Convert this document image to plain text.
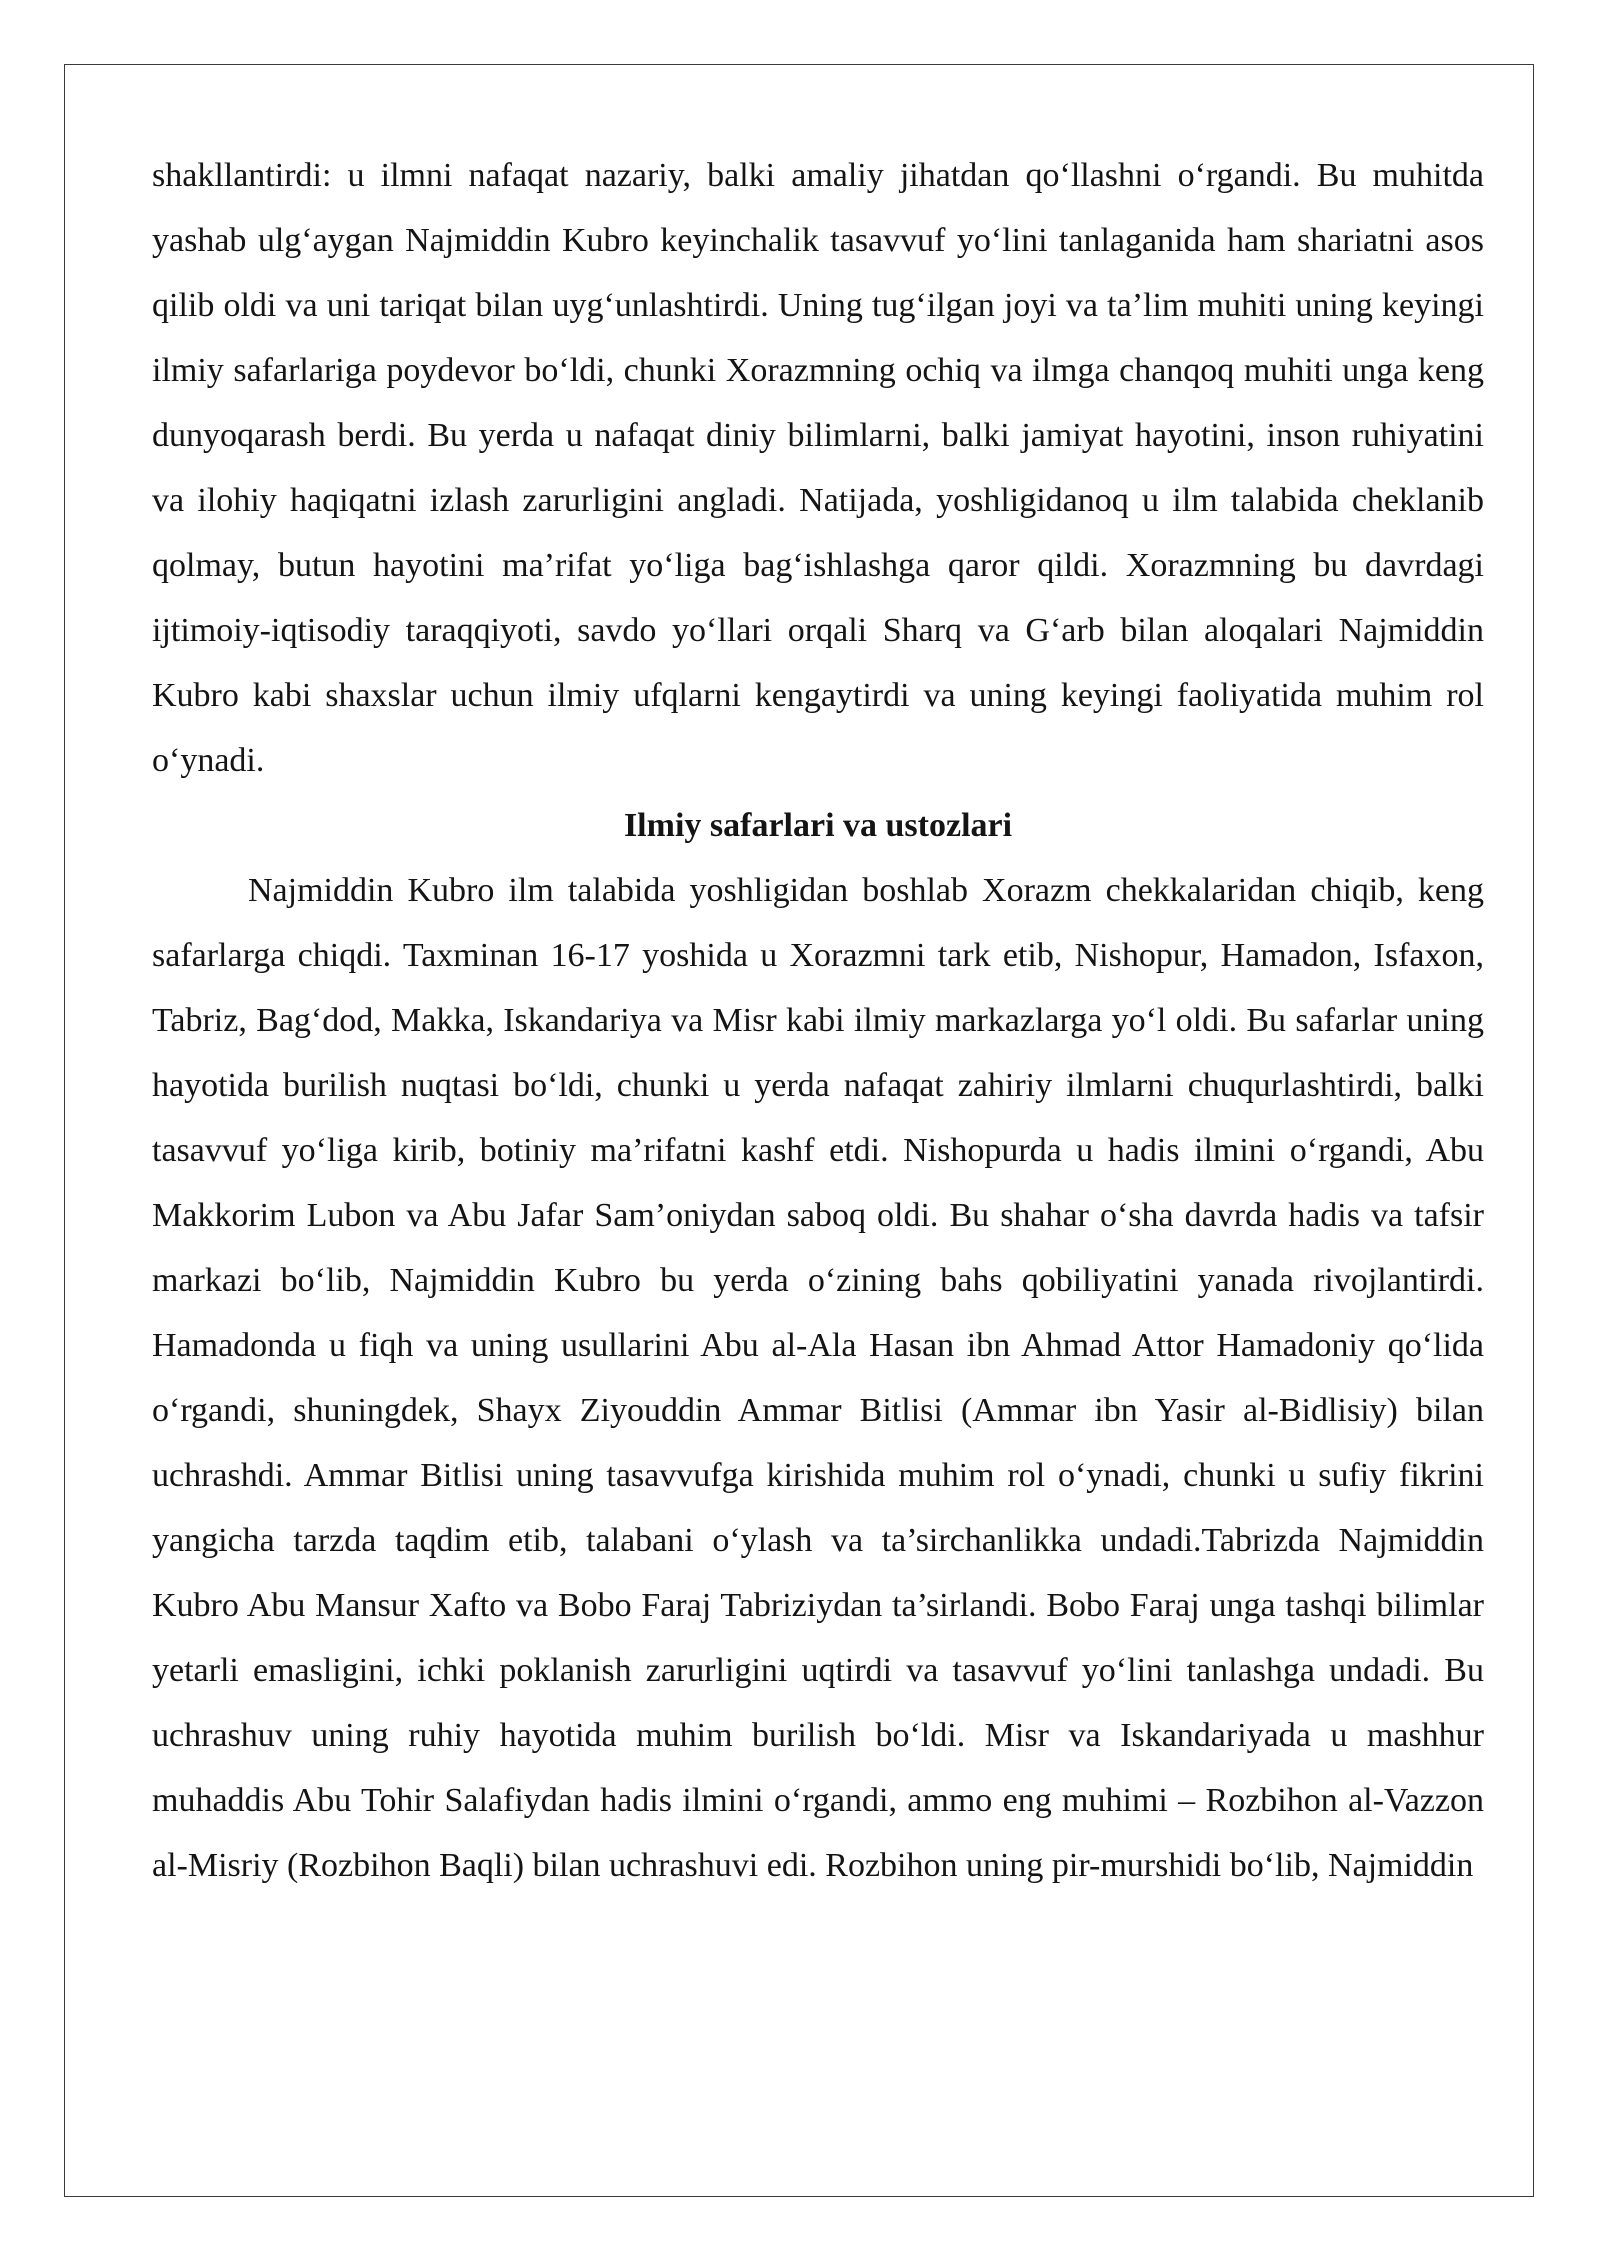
shakllantirdi: u ilmni nafaqat nazariy, balki amaliy jihatdan qo‘llashni o‘rgandi. Bu muhitda yashab ulg‘aygan Najmiddin Kubro keyinchalik tasavvuf yo‘lini tanlaganida ham shariatni asos qilib oldi va uni tariqat bilan uyg‘unlashtirdi. Uning tug‘ilgan joyi va ta’lim muhiti uning keyingi ilmiy safarlariga poydevor bo‘ldi, chunki Xorazmning ochiq va ilmga chanqoq muhiti unga keng dunyoqarash berdi. Bu yerda u nafaqat diniy bilimlarni, balki jamiyat hayotini, inson ruhiyatini va ilohiy haqiqatni izlash zarurligini angladi. Natijada, yoshligidanoq u ilm talabida cheklanib qolmay, butun hayotini ma’rifat yo‘liga bag‘ishlashga qaror qildi. Xorazmning bu davrdagi ijtimoiy-iqtisodiy taraqqiyoti, savdo yo‘llari orqali Sharq va G‘arb bilan aloqalari Najmiddin Kubro kabi shaxslar uchun ilmiy ufqlarni kengaytirdi va uning keyingi faoliyatida muhim rol o‘ynadi.

Ilmiy safarlari va ustozlari

Najmiddin Kubro ilm talabida yoshligidan boshlab Xorazm chekkalaridan chiqib, keng safarlarga chiqdi. Taxminan 16-17 yoshida u Xorazmni tark etib, Nishopur, Hamadon, Isfaxon, Tabriz, Bag‘dod, Makka, Iskandariya va Misr kabi ilmiy markazlarga yo‘l oldi. Bu safarlar uning hayotida burilish nuqtasi bo‘ldi, chunki u yerda nafaqat zahiriy ilmlarni chuqurlashtirdi, balki tasavvuf yo‘liga kirib, botiniy ma’rifatni kashf etdi. Nishopurda u hadis ilmini o‘rgandi, Abu Makkorim Lubon va Abu Jafar Sam’oniydan saboq oldi. Bu shahar o‘sha davrda hadis va tafsir markazi bo‘lib, Najmiddin Kubro bu yerda o‘zining bahs qobiliyatini yanada rivojlantirdi. Hamadonda u fiqh va uning usullarini Abu al-Ala Hasan ibn Ahmad Attor Hamadoniy qo‘lida o‘rgandi, shuningdek, Shayx Ziyouddin Ammar Bitlisi (Ammar ibn Yasir al-Bidlisiy) bilan uchrashdi. Ammar Bitlisi uning tasavvufga kirishida muhim rol o‘ynadi, chunki u sufiy fikrini yangicha tarzda taqdim etib, talabani o‘ylash va ta’sirchanlikka undadi.Tabrizda Najmiddin Kubro Abu Mansur Xafto va Bobo Faraj Tabriziydan ta’sirlandi. Bobo Faraj unga tashqi bilimlar yetarli emasligini, ichki poklanish zarurligini uqtirdi va tasavvuf yo‘lini tanlashga undadi. Bu uchrashuv uning ruhiy hayotida muhim burilish bo‘ldi. Misr va Iskandariyada u mashhur muhaddis Abu Tohir Salafiydan hadis ilmini o‘rgandi, ammo eng muhimi – Rozbihon al-Vazzon al-Misriy (Rozbihon Baqli) bilan uchrashuvi edi. Rozbihon uning pir-murshidi bo‘lib, Najmiddin
